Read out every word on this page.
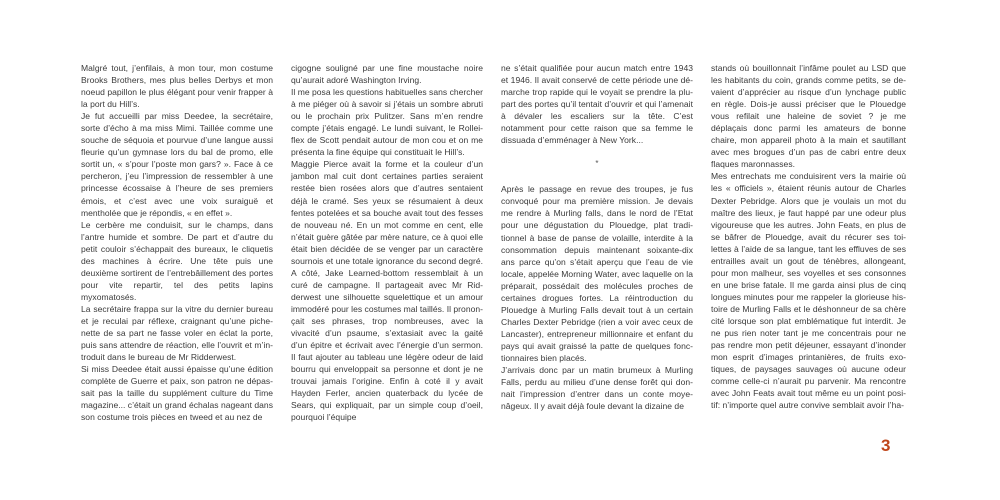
Malgré tout, j’enfilais, à mon tour, mon costume Brooks Brothers, mes plus belles Derbys et mon noeud papillon le plus élégant pour venir frapper à la port du Hill’s.

Je fut accueilli par miss Deedee, la secrétaire, sorte d’écho à ma miss Mimi. Taillée comme une souche de séquoia et pourvue d’une langue aussi fleurie qu’un gymnase lors du bal de promo, elle sortit un, « s’pour l’poste mon gars? ». Face à ce percheron, j’eu l’impression de ressembler à une princesse écossaise à l’heure de ses premiers émois, et c’est avec une voix suraiguë et mentholée que je répondis, « en effet ».

Le cerbère me conduisit, sur le champs, dans l’antre humide et sombre. De part et d’autre du petit couloir s’échappait des bureaux, le cliquetis des machines à écrire. Une tête puis une deuxième sortirent de l’entrebâillement des portes pour vite repartir, tel des petits lapins myxomatosés.

La secrétaire frappa sur la vitre du dernier bureau et je reculai par réflexe, craignant qu’une pichenette de sa part ne fasse voler en éclat la porte, puis sans attendre de réaction, elle l’ouvrit et m’introduit dans le bureau de Mr Ridderwest.

Si miss Deedee était aussi épaisse qu’une édition complète de Guerre et paix, son patron ne dépassait pas la taille du supplément culture du Time magazine... c’était un grand échalas nageant dans son costume trois pièces en tweed et au nez de

cigogne souligné par une fine moustache noire qu’aurait adoré Washington Irving.

Il me posa les questions habituelles sans chercher à me piéger où à savoir si j’étais un sombre abruti ou le prochain prix Pulitzer. Sans m’en rendre compte j’étais engagé. Le lundi suivant, le Rolleiflex de Scott pendait autour de mon cou et on me présenta la fine équipe qui constituait le Hill’s.

Maggie Pierce avait la forme et la couleur d’un jambon mal cuit dont certaines parties seraient restée bien rosées alors que d’autres sentaient déjà le cramé. Ses yeux se résumaient à deux fentes potelées et sa bouche avait tout des fesses de nouveau né. En un mot comme en cent, elle n’était guère gâtée par mère nature, ce à quoi elle était bien décidée de se venger par un caractère sournois et une totale ignorance du second degré. A côté, Jake Learned-bottom ressemblait à un curé de campagne. Il partageait avec Mr Ridderwest une silhouette squelettique et un amour immodéré pour les costumes mal taillés. Il prononçait ses phrases, trop nombreuses, avec la vivacité d’un psaume, s’extasiait avec la gaité d’un épitre et écrivait avec l’énergie d’un sermon. Il faut ajouter au tableau une légère odeur de laid bourru qui enveloppait sa personne et dont je ne trouvai jamais l’origine. Enfin à coté il y avait Hayden Ferler, ancien quaterback du lycée de Sears, qui expliquait, par un simple coup d’oeil, pourquoi l’équipe

ne s’était qualifiée pour aucun match entre 1943 et 1946. Il avait conservé de cette période une démarche trop rapide qui le voyait se prendre la plupart des portes qu’il tentait d’ouvrir et qui l’amenait à dévaler les escaliers sur la tête. C’est notamment pour cette raison que sa femme le dissuada d’emménager à New York...

*

Après le passage en revue des troupes, je fus convoqué pour ma première mission. Je devais me rendre à Murling falls, dans le nord de l’Etat pour une dégustation du Plouedge, plat traditionnel à base de panse de volaille, interdite à la consommation depuis maintenant soixante-dix ans parce qu’on s’était aperçu que l’eau de vie locale, appelée Morning Water, avec laquelle on la préparait, possédait des molécules proches de certaines drogues fortes. La réintroduction du Plouedge à Murling Falls devait tout à un certain Charles Dexter Pebridge (rien a voir avec ceux de Lancaster), entrepreneur millionnaire et enfant du pays qui avait graissé la patte de quelques fonctionnaires bien placés.

J’arrivais donc par un matin brumeux à Murling Falls, perdu au milieu d’une dense forêt qui donnait l’impression d’entrer dans un conte moyenâgeux. Il y avait déjà foule devant la dizaine de

stands où bouillonnait l’infâme poulet au LSD que les habitants du coin, grands comme petits, se devaient d’apprécier au risque d’un lynchage public en règle. Dois-je aussi préciser que le Plouedge vous refilait une haleine de soviet ? je me déplaçais donc parmi les amateurs de bonne chaire, mon appareil photo à la main et sautillant avec mes brogues d’un pas de cabri entre deux flaques maronnasses.

Mes entrechats me conduisirent vers la mairie où les « officiels », étaient réunis autour de Charles Dexter Pebridge. Alors que je voulais un mot du maître des lieux, je faut happé par une odeur plus vigoureuse que les autres. John Feats, en plus de se bâfrer de Plouedge, avait du récurer ses toilettes à l’aide de sa langue, tant les effluves de ses entrailles avait un gout de ténèbres, allongeant, pour mon malheur, ses voyelles et ses consonnes en une brise fatale. Il me garda ainsi plus de cinq longues minutes pour me rappeler la glorieuse histoire de Murling Falls et le déshonneur de sa chère cité lorsque son plat emblématique fut interdit. Je ne pus rien noter tant je me concentrais pour ne pas rendre mon petit déjeuner, essayant d’inonder mon esprit d’images printanières, de fruits exotiques, de paysages sauvages où aucune odeur comme celle-ci n’aurait pu parvenir. Ma rencontre avec John Feats avait tout même eu un point positif: n’importe quel autre convive semblait avoir l’ha-

3
